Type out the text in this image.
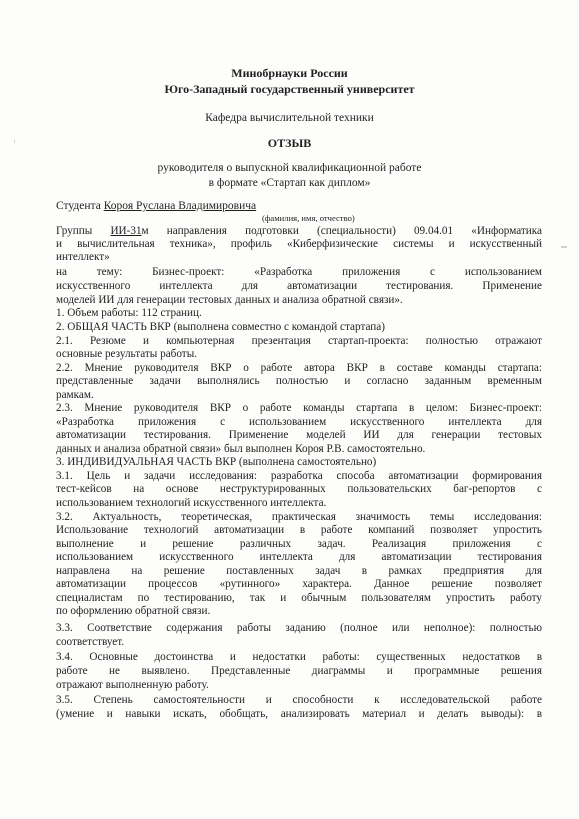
Минобрнауки России
Юго-Западный государственный университет
Кафедра вычислительной техники
ОТЗЫВ
руководителя о выпускной квалификационной работе
в формате «Стартап как диплом»
Студента Короя Руслана Владимировича
(фамилия, имя, отчество)
Группы ИИ-31м направления подготовки (специальности) 09.04.01 «Информатика
и вычислительная техника», профиль «Киберфизические системы и искусственный
интеллект»
на тему: Бизнес-проект: «Разработка приложения с использованием
искусственного интеллекта для автоматизации тестирования. Применение
моделей ИИ для генерации тестовых данных и анализа обратной связи».
1. Объем работы: 112 страниц.
2. ОБЩАЯ ЧАСТЬ ВКР (выполнена совместно с командой стартапа)
2.1. Резюме и компьютерная презентация стартап-проекта: полностью отражают
основные результаты работы.
2.2. Мнение руководителя ВКР о работе автора ВКР в составе команды стартапа:
представленные задачи выполнялись полностью и согласно заданным временным
рамкам.
2.3. Мнение руководителя ВКР о работе команды стартапа в целом: Бизнес-проект:
«Разработка приложения с использованием искусственного интеллекта для
автоматизации тестирования. Применение моделей ИИ для генерации тестовых
данных и анализа обратной связи» был выполнен Короя Р.В. самостоятельно.
3. ИНДИВИДУАЛЬНАЯ ЧАСТЬ ВКР (выполнена самостоятельно)
3.1. Цель и задачи исследования: разработка способа автоматизации формирования
тест-кейсов на основе неструктурированных пользовательских баг-репортов с
использованием технологий искусственного интеллекта.
3.2. Актуальность, теоретическая, практическая значимость темы исследования:
Использование технологий автоматизации в работе компаний позволяет упростить
выполнение и решение различных задач. Реализация приложения с
использованием искусственного интеллекта для автоматизации тестирования
направлена на решение поставленных задач в рамках предприятия для
автоматизации процессов «рутинного» характера. Данное решение позволяет
специалистам по тестированию, так и обычным пользователям упростить работу
по оформлению обратной связи.
3.3. Соответствие содержания работы заданию (полное или неполное): полностью
соответствует.
3.4. Основные достоинства и недостатки работы: существенных недостатков в
работе не выявлено. Представленные диаграммы и программные решения
отражают выполненную работу.
3.5. Степень самостоятельности и способности к исследовательской работе
(умение и навыки искать, обобщать, анализировать материал и делать выводы): в
